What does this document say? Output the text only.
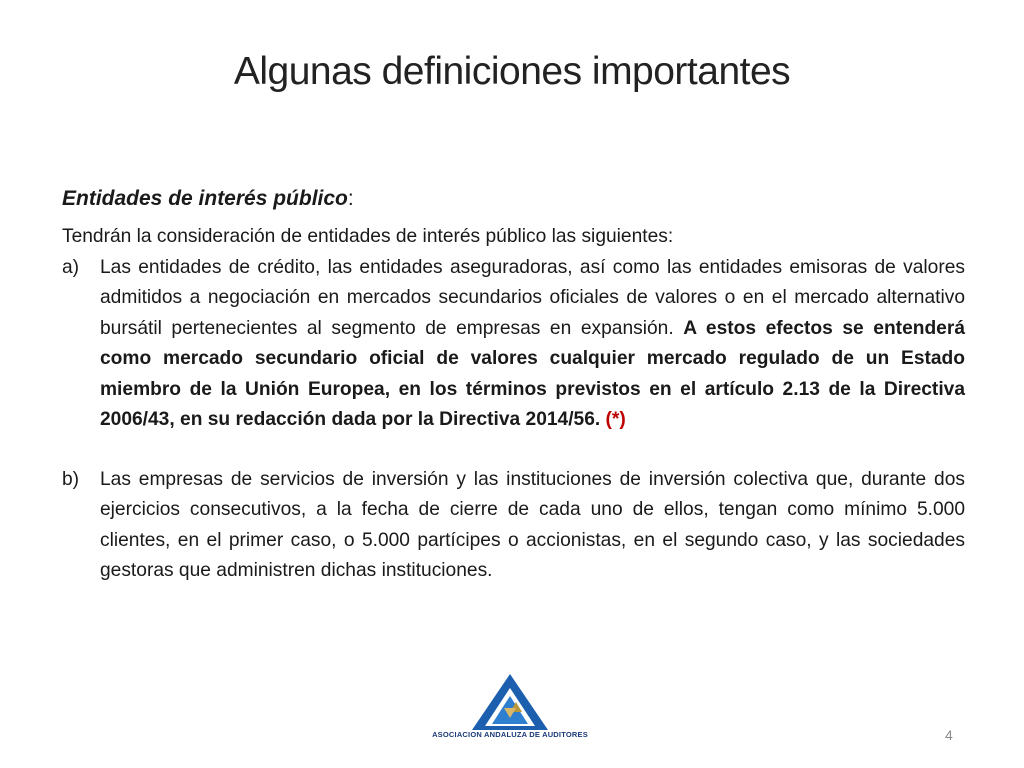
Algunas definiciones importantes
Entidades de interés público:
Tendrán la consideración de entidades de interés público las siguientes:
a) Las entidades de crédito, las entidades aseguradoras, así como las entidades emisoras de valores admitidos a negociación en mercados secundarios oficiales de valores o en el mercado alternativo bursátil pertenecientes al segmento de empresas en expansión. A estos efectos se entenderá como mercado secundario oficial de valores cualquier mercado regulado de un Estado miembro de la Unión Europea, en los términos previstos en el artículo 2.13 de la Directiva 2006/43, en su redacción dada por la Directiva 2014/56. (*)
b) Las empresas de servicios de inversión y las instituciones de inversión colectiva que, durante dos ejercicios consecutivos, a la fecha de cierre de cada uno de ellos, tengan como mínimo 5.000 clientes, en el primer caso, o 5.000 partícipes o accionistas, en el segundo caso, y las sociedades gestoras que administren dichas instituciones.
ASOCIACION ANDALUZA DE AUDITORES	4
